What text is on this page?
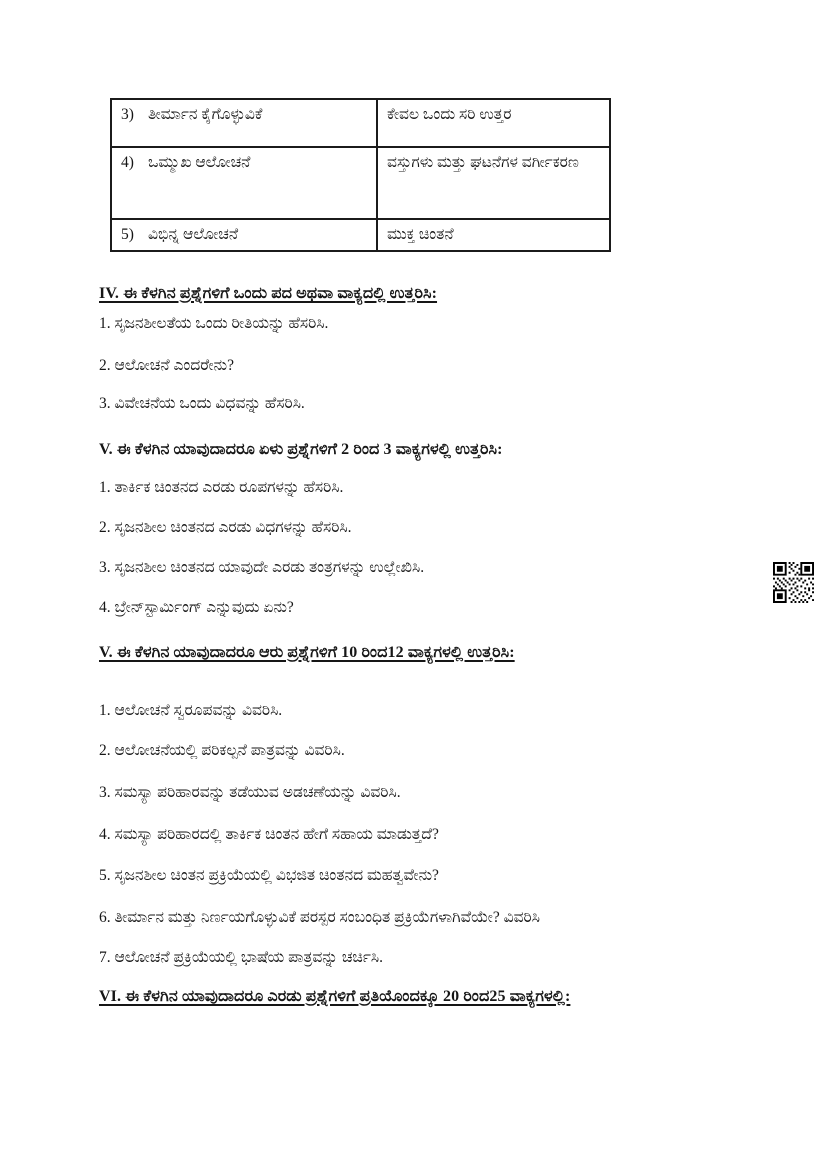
3) ತೀರ್ಮಾನ ಕೈಗೊಳ್ಳುವಿಕೆ	ಕೇವಲ ಒಂದು ಸರಿ ಉತ್ತರ
4) ಒಮ್ಮುಖ ಆಲೋಚನೆ	ವಸ್ತುಗಳು ಮತ್ತು ಘಟನೆಗಳ ವರ್ಗೀಕರಣ
5) ವಿಭಿನ್ನ ಆಲೋಚನೆ	ಮುಕ್ತ ಚಿಂತನೆ
IV. ಈ ಕೆಳಗಿನ ಪ್ರಶ್ನೆಗಳಿಗೆ ಒಂದು ಪದ ಅಥವಾ ವಾಕ್ಯದಲ್ಲಿ ಉತ್ತರಿಸಿ:
1. ಸೃಜನಶೀಲತೆಯ ಒಂದು ರೀತಿಯನ್ನು ಹೆಸರಿಸಿ.
2. ಆಲೋಚನೆ ಎಂದರೇನು?
3. ವಿವೇಚನೆಯ ಒಂದು ವಿಧವನ್ನು ಹೆಸರಿಸಿ.
V. ಈ ಕೆಳಗಿನ ಯಾವುದಾದರೂ ಏಳು ಪ್ರಶ್ನೆಗಳಿಗೆ 2 ರಿಂದ 3 ವಾಕ್ಯಗಳಲ್ಲಿ ಉತ್ತರಿಸಿ:
1. ತಾರ್ಕಿಕ ಚಿಂತನದ ಎರಡು ರೂಪಗಳನ್ನು ಹೆಸರಿಸಿ.
2. ಸೃಜನಶೀಲ ಚಿಂತನದ ಎರಡು ವಿಧಗಳನ್ನು ಹೆಸರಿಸಿ.
3. ಸೃಜನಶೀಲ ಚಿಂತನದ ಯಾವುದೇ ಎರಡು ತಂತ್ರಗಳನ್ನು ಉಲ್ಲೇಖಿಸಿ.
4. ಬ್ರೇನ್‌ಸ್ಟಾರ್ಮಿಂಗ್ ಎನ್ನುವುದು ಏನು?
V. ಈ ಕೆಳಗಿನ ಯಾವುದಾದರೂ ಆರು ಪ್ರಶ್ನೆಗಳಿಗೆ 10 ರಿಂದ12 ವಾಕ್ಯಗಳಲ್ಲಿ ಉತ್ತರಿಸಿ:
1. ಆಲೋಚನೆ ಸ್ವರೂಪವನ್ನು ವಿವರಿಸಿ.
2. ಆಲೋಚನೆಯಲ್ಲಿ ಪರಿಕಲ್ಪನೆ ಪಾತ್ರವನ್ನು ವಿವರಿಸಿ.
3. ಸಮಸ್ಯಾ ಪರಿಹಾರವನ್ನು ತಡೆಯುವ ಅಡಚಣೆಯನ್ನು ವಿವರಿಸಿ.
4. ಸಮಸ್ಯಾ ಪರಿಹಾರದಲ್ಲಿ ತಾರ್ಕಿಕ ಚಿಂತನ ಹೇಗೆ ಸಹಾಯ ಮಾಡುತ್ತದೆ?
5. ಸೃಜನಶೀಲ ಚಿಂತನ ಪ್ರಕ್ರಿಯೆಯಲ್ಲಿ ವಿಭಜಿತ ಚಿಂತನದ ಮಹತ್ವವೇನು?
6. ತೀರ್ಮಾನ ಮತ್ತು ನಿರ್ಣಯಗೊಳ್ಳುವಿಕೆ ಪರಸ್ಪರ ಸಂಬಂಧಿತ ಪ್ರಕ್ರಿಯೆಗಳಾಗಿವೆಯೇ? ವಿವರಿಸಿ
7. ಆಲೋಚನೆ ಪ್ರಕ್ರಿಯೆಯಲ್ಲಿ ಭಾಷೆಯ ಪಾತ್ರವನ್ನು ಚರ್ಚಿಸಿ.
VI. ಈ ಕೆಳಗಿನ ಯಾವುದಾದರೂ ಎರಡು ಪ್ರಶ್ನೆಗಳಿಗೆ ಪ್ರತಿಯೊಂದಕ್ಕೂ 20 ರಿಂದ25 ವಾಕ್ಯಗಳಲ್ಲಿ:
